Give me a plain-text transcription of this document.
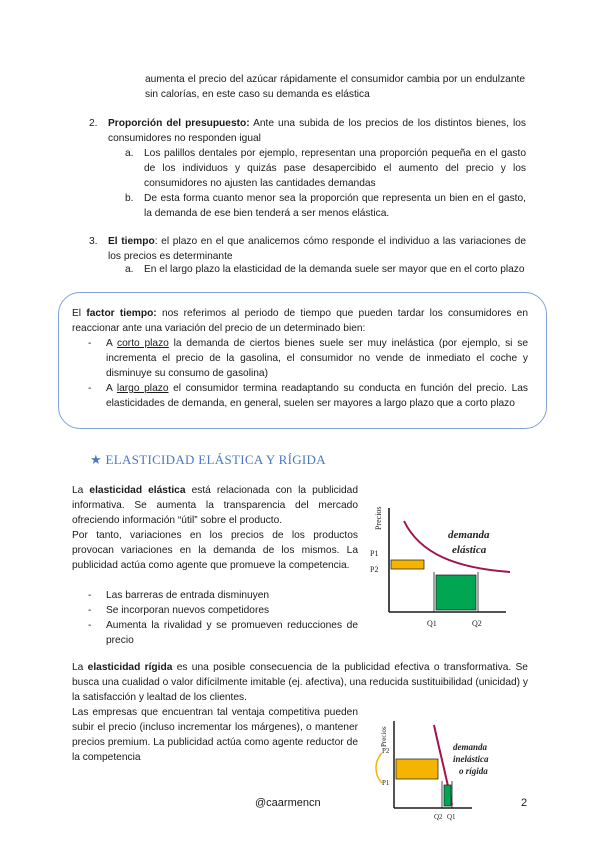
aumenta el precio del azúcar rápidamente el consumidor cambia por un endulzante sin calorías, en este caso su demanda es elástica

2. Proporción del presupuesto: Ante una subida de los precios de los distintos bienes, los consumidores no responden igual

a. Los palillos dentales por ejemplo, representan una proporción pequeña en el gasto de los individuos y quizás pase desapercibido el aumento del precio y los consumidores no ajusten las cantidades demandas

b. De esta forma cuanto menor sea la proporción que representa un bien en el gasto, la demanda de ese bien tenderá a ser menos elástica.

3. El tiempo: el plazo en el que analicemos cómo responde el individuo a las variaciones de los precios es determinante

a. En el largo plazo la elasticidad de la demanda suele ser mayor que en el corto plazo

El factor tiempo: nos referimos al periodo de tiempo que pueden tardar los consumidores en reaccionar ante una variación del precio de un determinado bien:

- A corto plazo la demanda de ciertos bienes suele ser muy inelástica (por ejemplo, si se incrementa el precio de la gasolina, el consumidor no vende de inmediato el coche y disminuye su consumo de gasolina)

- A largo plazo el consumidor termina readaptando su conducta en función del precio. Las elasticidades de demanda, en general, suelen ser mayores a largo plazo que a corto plazo

★ ELASTICIDAD ELÁSTICA Y RÍGIDA

La elasticidad elástica está relacionada con la publicidad informativa. Se aumenta la transparencia del mercado ofreciendo información “útil” sobre el producto.

Por tanto, variaciones en los precios de los productos provocan variaciones en la demanda de los mismos. La publicidad actúa como agente que promueve la competencia.

- Las barreras de entrada disminuyen

- Se incorporan nuevos competidores

- Aumenta la rivalidad y se promueven reducciones de precio

Precios
P1
P2
Q1	Q2
demanda
elástica

La elasticidad rígida es una posible consecuencia de la publicidad efectiva o transformativa. Se busca una cualidad o valor difícilmente imitable (ej. afectiva), una reducida sustituibilidad (unicidad) y la satisfacción y lealtad de los clientes.

Las empresas que encuentran tal ventaja competitiva pueden subir el precio (incluso incrementar los márgenes), o mantener precios premium. La publicidad actúa como agente reductor de la competencia

Precios
P2
P1
Q2 Q1
demanda
inelástica
o rígida
@caarmencn	2
